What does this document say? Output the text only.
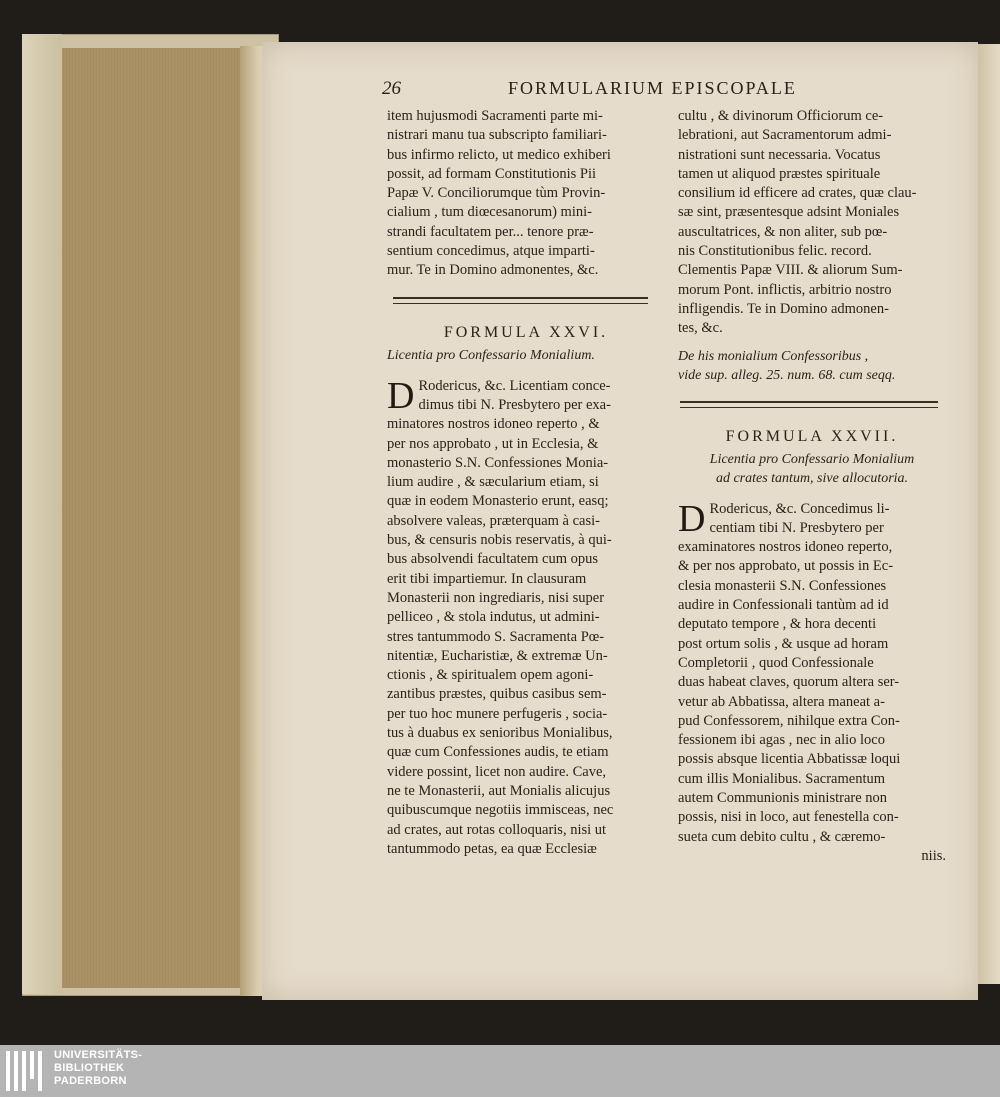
26	FORMULARIUM EPISCOPALE
item hujusmodi Sacramenti parte mi-
nistrari manu tua subscripto familiari-
bus infirmo relicto, ut medico exhiberi
possit, ad formam Constitutionis Pii
Papæ V. Conciliorumque tùm Provin-
cialium , tum diœcesanorum) mini-
strandi facultatem per... tenore præ-
sentium concedimus, atque imparti-
mur. Te in Domino admonentes, &c.
FORMULA XXVI.
Licentia pro Confessario Monialium.
D Rodericus, &c. Licentiam conce-
dimus tibi N. Presbytero per exa-
minatores nostros idoneo reperto , &
per nos approbato , ut in Ecclesia, &
monasterio S.N. Confessiones Monia-
lium audire , & sæcularium etiam, si
quæ in eodem Monasterio erunt, easq;
absolvere valeas, præterquam à casi-
bus, & censuris nobis reservatis, à qui-
bus absolvendi facultatem cum opus
erit tibi impartiemur. In clausuram
Monasterii non ingrediaris, nisi super
pelliceo , & stola indutus, ut admini-
stres tantummodo S. Sacramenta Pœ-
nitentiæ, Eucharistiæ, & extremæ Un-
ctionis , & spiritualem opem agoni-
zantibus præstes, quibus casibus sem-
per tuo hoc munere perfugeris , socia-
tus à duabus ex senioribus Monialibus,
quæ cum Confessiones audis, te etiam
videre possint, licet non audire. Cave,
ne te Monasterii, aut Monialis alicujus
quibuscumque negotiis immisceas, nec
ad crates, aut rotas colloquaris, nisi ut
tantummodo petas, ea quæ Ecclesiæ
cultu , & divinorum Officiorum ce-
lebrationi, aut Sacramentorum admi-
nistrationi sunt necessaria. Vocatus
tamen ut aliquod præstes spirituale
consilium id efficere ad crates, quæ clau-
sæ sint, præsentesque adsint Moniales
auscultatrices, & non aliter, sub pœ-
nis Constitutionibus felic. record.
Clementis Papæ VIII. & aliorum Sum-
morum Pont. inflictis, arbitrio nostro
infligendis. Te in Domino admonen-
tes, &c.
De his monialium Confessoribus ,
vide sup. alleg. 25. num. 68. cum seqq.
FORMULA XXVII.
Licentia pro Confessario Monialium
ad crates tantum, sive allocutoria.
D Rodericus, &c. Concedimus li-
centiam tibi N. Presbytero per
examinatores nostros idoneo reperto,
& per nos approbato, ut possis in Ec-
clesia monasterii S.N. Confessiones
audire in Confessionali tantùm ad id
deputato tempore , & hora decenti
post ortum solis , & usque ad horam
Completorii , quod Confessionale
duas habeat claves, quorum altera ser-
vetur ab Abbatissa, altera maneat a-
pud Confessorem, nihilque extra Con-
fessionem ibi agas , nec in alio loco
possis absque licentia Abbatissæ loqui
cum illis Monialibus. Sacramentum
autem Communionis ministrare non
possis, nisi in loco, aut fenestella con-
sueta cum debito cultu , & cæremo-
niis.
UNIVERSITÄTS-
BIBLIOTHEK
PADERBORN
